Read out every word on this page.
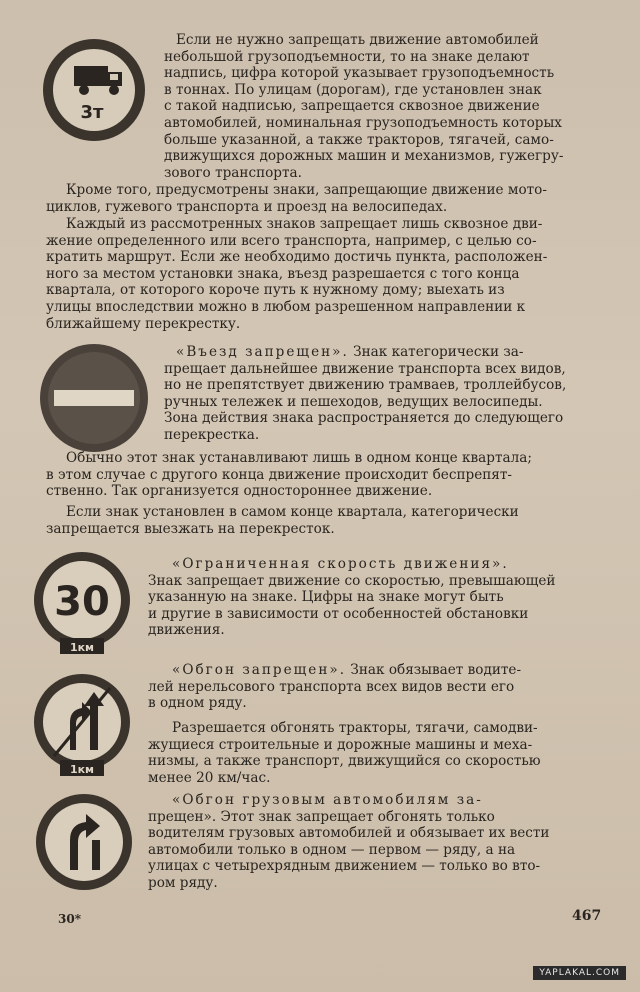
3т
30
1км
1км

Если не нужно запрещать движение автомобилей
небольшой грузоподъемности, то на знаке делают
надпись, цифра которой указывает грузоподъемность
в тоннах. По улицам (дорогам), где установлен знак
с такой надписью, запрещается сквозное движение
автомобилей, номинальная грузоподъемность которых
больше указанной, а также тракторов, тягачей, само-
движущихся дорожных машин и механизмов, гужегру-
зового транспорта.

Кроме того, предусмотрены знаки, запрещающие движение мото-
циклов, гужевого транспорта и проезд на велосипедах.

Каждый из рассмотренных знаков запрещает лишь сквозное дви-
жение определенного или всего транспорта, например, с целью со-
кратить маршрут. Если же необходимо достичь пункта, расположен-
ного за местом установки знака, въезд разрешается с того конца
квартала, от которого короче путь к нужному дому; выехать из
улицы впоследствии можно в любом разрешенном направлении к
ближайшему перекрестку.

«Въезд запрещен». Знак категорически за-
прещает дальнейшее движение транспорта всех видов,
но не препятствует движению трамваев, троллейбусов,
ручных тележек и пешеходов, ведущих велосипеды.
Зона действия знака распространяется до следующего
перекрестка.

Обычно этот знак устанавливают лишь в одном конце квартала;
в этом случае с другого конца движение происходит беспрепят-
ственно. Так организуется одностороннее движение.

Если знак установлен в самом конце квартала, категорически
запрещается выезжать на перекресток.

«Ограниченная скорость движения».
Знак запрещает движение со скоростью, превышающей
указанную на знаке. Цифры на знаке могут быть
и другие в зависимости от особенностей обстановки
движения.

«Обгон запрещен». Знак обязывает водите-
лей нерельсового транспорта всех видов вести его
в одном ряду.

Разрешается обгонять тракторы, тягачи, самодви-
жущиеся строительные и дорожные машины и меха-
низмы, а также транспорт, движущийся со скоростью
менее 20 км/час.

«Обгон грузовым автомобилям за-
прещен». Этот знак запрещает обгонять только
водителям грузовых автомобилей и обязывает их вести
автомобили только в одном — первом — ряду, а на
улицах с четырехрядным движением — только во вто-
ром ряду.

30*	467
YAPLAKAL.COM
